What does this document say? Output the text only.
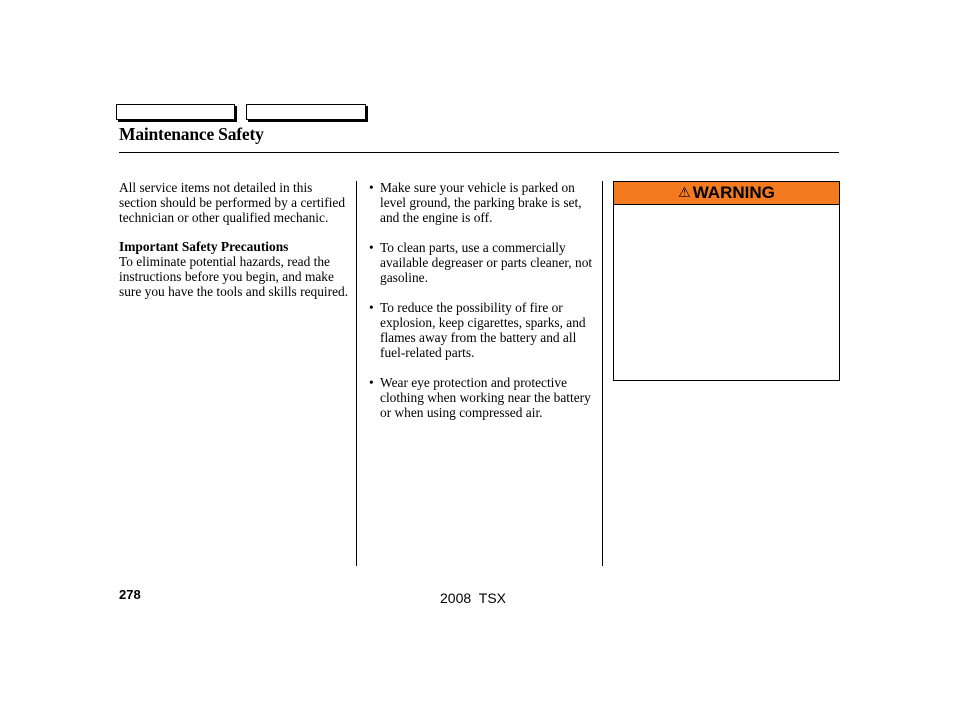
Maintenance Safety

All service items not detailed in this section should be performed by a certified technician or other qualified mechanic.

Important Safety Precautions

To eliminate potential hazards, read the instructions before you begin, and make sure you have the tools and skills required.

• Make sure your vehicle is parked on level ground, the parking brake is set, and the engine is off.
• To clean parts, use a commercially available degreaser or parts cleaner, not gasoline.
• To reduce the possibility of fire or explosion, keep cigarettes, sparks, and flames away from the battery and all fuel-related parts.
• Wear eye protection and protective clothing when working near the battery or when using compressed air.
⚠ WARNING
278	2008 TSX
